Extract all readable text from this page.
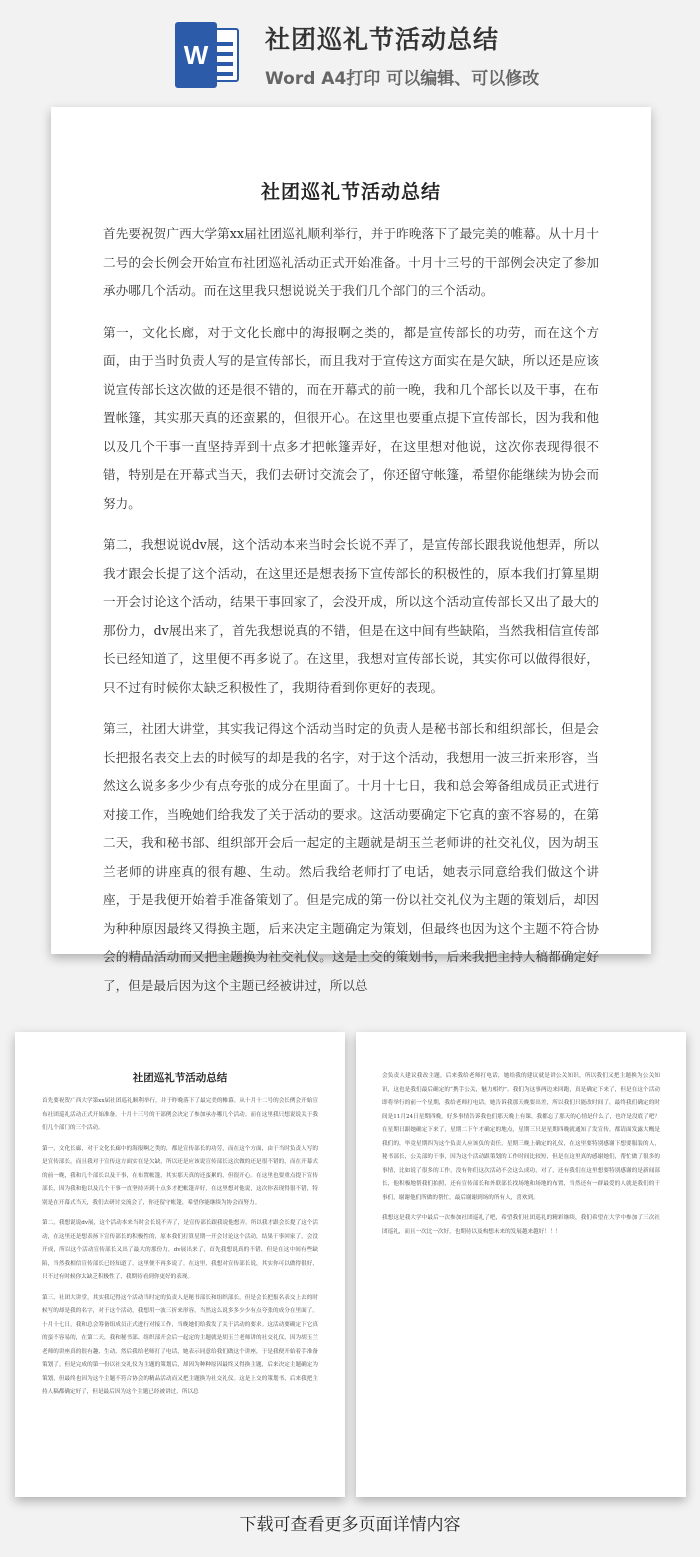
W	社团巡礼节活动总结
Word A4打印 可以编辑、可以修改
社团巡礼节活动总结

首先要祝贺广西大学第xx届社团巡礼顺利举行，并于昨晚落下了最完美的帷幕。从十月十二号的会长例会开始宣布社团巡礼活动正式开始准备。十月十三号的干部例会决定了参加承办哪几个活动。而在这里我只想说说关于我们几个部门的三个活动。

第一，文化长廊，对于文化长廊中的海报啊之类的，都是宣传部长的功劳，而在这个方面，由于当时负责人写的是宣传部长，而且我对于宣传这方面实在是欠缺，所以还是应该说宣传部长这次做的还是很不错的，而在开幕式的前一晚，我和几个部长以及干事，在布置帐篷，其实那天真的还蛮累的，但很开心。在这里也要重点提下宣传部长，因为我和他以及几个干事一直坚持弄到十点多才把帐篷弄好，在这里想对他说，这次你表现得很不错，特别是在开幕式当天，我们去研讨交流会了，你还留守帐篷，希望你能继续为协会而努力。

第二，我想说说dv展，这个活动本来当时会长说不弄了，是宣传部长跟我说他想弄，所以我才跟会长提了这个活动，在这里还是想表扬下宣传部长的积极性的，原本我们打算星期一开会讨论这个活动，结果干事回家了，会没开成，所以这个活动宣传部长又出了最大的那份力，dv展出来了，首先我想说真的不错，但是在这中间有些缺陷，当然我相信宣传部长已经知道了，这里便不再多说了。在这里，我想对宣传部长说，其实你可以做得很好，只不过有时候你太缺乏积极性了，我期待看到你更好的表现。

第三，社团大讲堂，其实我记得这个活动当时定的负责人是秘书部长和组织部长，但是会长把报名表交上去的时候写的却是我的名字，对于这个活动，我想用一波三折来形容，当然这么说多多少少有点夸张的成分在里面了。十月十七日，我和总会筹备组成员正式进行对接工作，当晚她们给我发了关于活动的要求。这活动要确定下它真的蛮不容易的，在第二天，我和秘书部、组织部开会后一起定的主题就是胡玉兰老师讲的社交礼仪，因为胡玉兰老师的讲座真的很有趣、生动。然后我给老师打了电话，她表示同意给我们做这个讲座，于是我便开始着手准备策划了。但是完成的第一份以社交礼仪为主题的策划后，却因为种种原因最终又得换主题，后来决定主题确定为策划，但最终也因为这个主题不符合协会的精品活动而又把主题换为社交礼仪。这是上交的策划书，后来我把主持人稿都确定好了，但是最后因为这个主题已经被讲过，所以总

社团巡礼节活动总结

首先要祝贺广西大学第xx届社团巡礼顺利举行，并于昨晚落下了最完美的帷幕。从十月十二号的会长例会开始宣布社团巡礼活动正式开始准备。十月十三号的干部例会决定了参加承办哪几个活动。而在这里我只想说说关于我们几个部门的三个活动。

第一，文化长廊，对于文化长廊中的海报啊之类的，都是宣传部长的功劳，而在这个方面，由于当时负责人写的是宣传部长，而且我对于宣传这方面实在是欠缺，所以还是应该说宣传部长这次做的还是很不错的，而在开幕式的前一晚，我和几个部长以及干事，在布置帐篷，其实那天真的还蛮累的，但很开心。在这里也要重点提下宣传部长，因为我和他以及几个干事一直坚持弄到十点多才把帐篷弄好，在这里想对他说，这次你表现得很不错，特别是在开幕式当天，我们去研讨交流会了，你还留守帐篷，希望你能继续为协会而努力。

第二，我想说说dv展，这个活动本来当时会长说不弄了，是宣传部长跟我说他想弄，所以我才跟会长提了这个活动，在这里还是想表扬下宣传部长的积极性的，原本我们打算星期一开会讨论这个活动，结果干事回家了，会没开成，所以这个活动宣传部长又出了最大的那份力，dv展出来了，首先我想说真的不错，但是在这中间有些缺陷，当然我相信宣传部长已经知道了，这里便不再多说了。在这里，我想对宣传部长说，其实你可以做得很好，只不过有时候你太缺乏积极性了，我期待看到你更好的表现。

第三，社团大讲堂，其实我记得这个活动当时定的负责人是秘书部长和组织部长，但是会长把报名表交上去的时候写的却是我的名字，对于这个活动，我想用一波三折来形容，当然这么说多多少少有点夸张的成分在里面了。十月十七日，我和总会筹备组成员正式进行对接工作，当晚她们给我发了关于活动的要求。这活动要确定下它真的蛮不容易的，在第二天，我和秘书部、组织部开会后一起定的主题就是胡玉兰老师讲的社交礼仪，因为胡玉兰老师的讲座真的很有趣、生动。然后我给老师打了电话，她表示同意给我们做这个讲座，于是我便开始着手准备策划了。但是完成的第一份以社交礼仪为主题的策划后，却因为种种原因最终又得换主题，后来决定主题确定为策划，但最终也因为这个主题不符合协会的精品活动而又把主题换为社交礼仪。这是上交的策划书，后来我把主持人稿都确定好了，但是最后因为这个主题已经被讲过，所以总

会负责人建议我改主题，后来我给老师打电话，她给我的建议就是讲公关知识，所以我们又把主题换为公关知识，这也是我们最后确定的“携手公关，魅力相约”。我们为这事两边来回跑，真是确定下来了，但是在这个活动即将举行的前一个星期，我给老师打电话，她告诉我那天晚要出差，所以我们只能改时间了，最终我们确定的时间是11月24日星期四晚，好多事情告诉我也们那天晚上有课，我都忘了那天的心情是什么了，也许是没底了吧？在星期日跟她确定下来了，星期二下午才确定的地点，星期三只是星期四晚就通知了发宣传，都请面发露大概是我们的，毕竟星期四为这个负责人应该负的责任，星期三晚上确定的礼仪，在这里要特别感谢下想要服装的人，秘书部长，公关部的干事，因为这个活动跟策划的工作时间比较短，但是在这里真的感谢她们，帮忙做了很多的事情，比如说了很多的工作，没有你们这次活动不会这么成功，对了，还有我们在这里想要特别感谢的是新闻部长，他积极地帮我们拍照，还有宣传部长和外联部长找场地和场地的布置，当然还有一群最爱的人就是我们的干事们，谢谢他们所做的帮忙，最后谢谢到场的所有人，喜欢到。

我想这是我大学中最后一次参加社团巡礼了吧，希望我们社团巡礼的精彩继续，我们希望在大学中参加了三次社团巡礼，而且一次比一次好，也期待以及构想未来的发展越来越好！！！

下载可查看更多页面详情内容
